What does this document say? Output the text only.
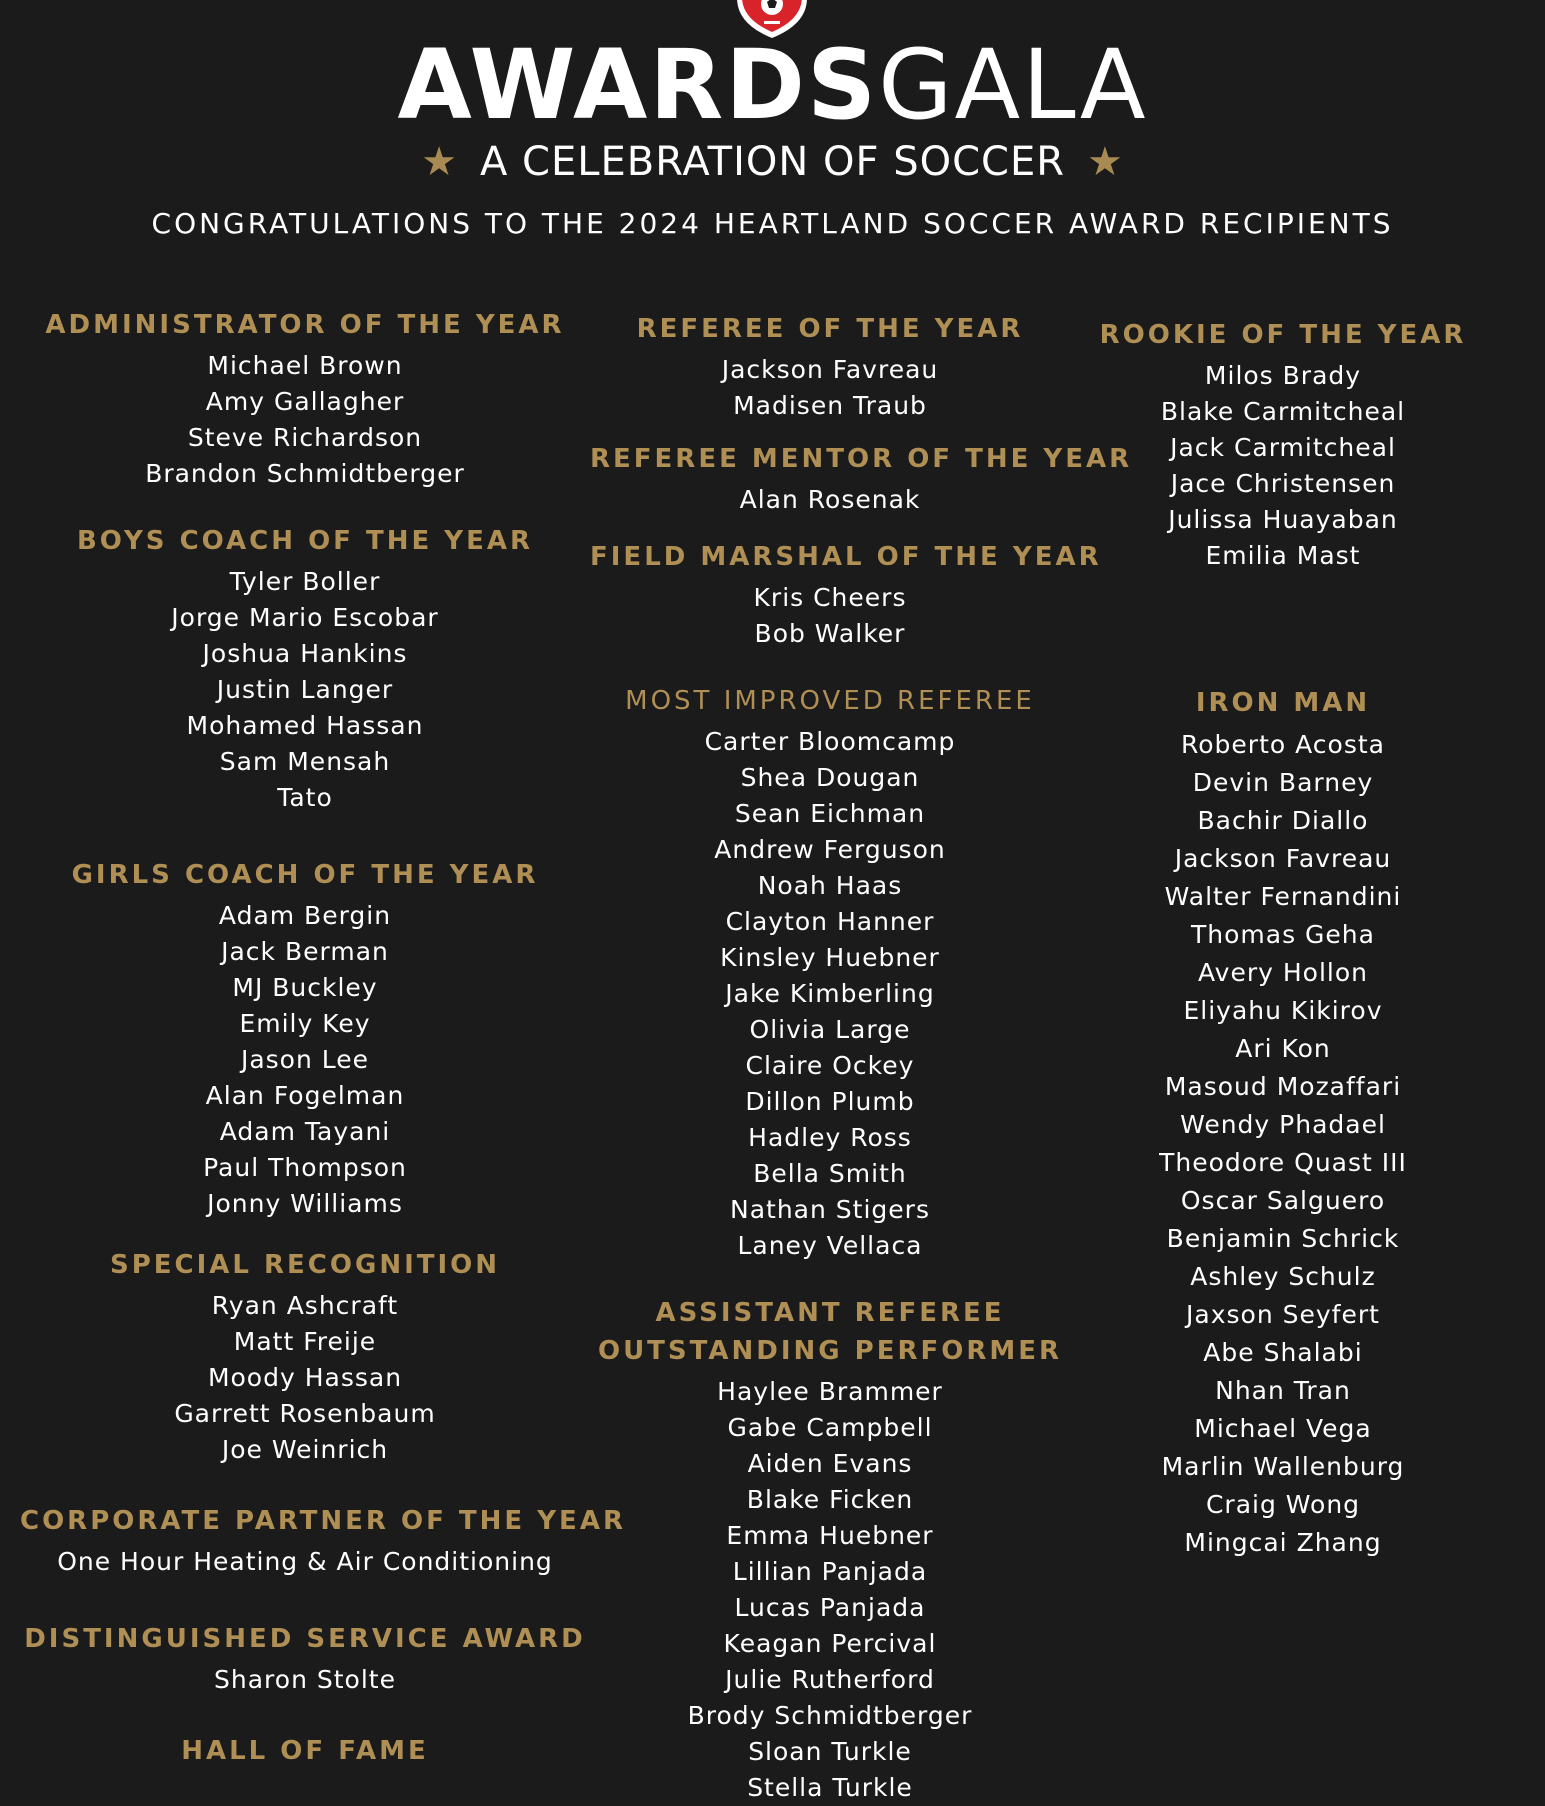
AWARDSGALA
★ A CELEBRATION OF SOCCER ★
CONGRATULATIONS TO THE 2024 HEARTLAND SOCCER AWARD RECIPIENTS
ADMINISTRATOR OF THE YEAR
Michael Brown
Amy Gallagher
Steve Richardson
Brandon Schmidtberger
BOYS COACH OF THE YEAR
Tyler Boller
Jorge Mario Escobar
Joshua Hankins
Justin Langer
Mohamed Hassan
Sam Mensah
Tato
GIRLS COACH OF THE YEAR
Adam Bergin
Jack Berman
MJ Buckley
Emily Key
Jason Lee
Alan Fogelman
Adam Tayani
Paul Thompson
Jonny Williams
SPECIAL RECOGNITION
Ryan Ashcraft
Matt Freije
Moody Hassan
Garrett Rosenbaum
Joe Weinrich
CORPORATE PARTNER OF THE YEAR
One Hour Heating & Air Conditioning
DISTINGUISHED SERVICE AWARD
Sharon Stolte
HALL OF FAME
REFEREE OF THE YEAR
Jackson Favreau
Madisen Traub
REFEREE MENTOR OF THE YEAR
Alan Rosenak
FIELD MARSHAL OF THE YEAR
Kris Cheers
Bob Walker
MOST IMPROVED REFEREE
Carter Bloomcamp
Shea Dougan
Sean Eichman
Andrew Ferguson
Noah Haas
Clayton Hanner
Kinsley Huebner
Jake Kimberling
Olivia Large
Claire Ockey
Dillon Plumb
Hadley Ross
Bella Smith
Nathan Stigers
Laney Vellaca
ASSISTANT REFEREE
OUTSTANDING PERFORMER
Haylee Brammer
Gabe Campbell
Aiden Evans
Blake Ficken
Emma Huebner
Lillian Panjada
Lucas Panjada
Keagan Percival
Julie Rutherford
Brody Schmidtberger
Sloan Turkle
Stella Turkle
ROOKIE OF THE YEAR
Milos Brady
Blake Carmitcheal
Jack Carmitcheal
Jace Christensen
Julissa Huayaban
Emilia Mast
IRON MAN
Roberto Acosta
Devin Barney
Bachir Diallo
Jackson Favreau
Walter Fernandini
Thomas Geha
Avery Hollon
Eliyahu Kikirov
Ari Kon
Masoud Mozaffari
Wendy Phadael
Theodore Quast III
Oscar Salguero
Benjamin Schrick
Ashley Schulz
Jaxson Seyfert
Abe Shalabi
Nhan Tran
Michael Vega
Marlin Wallenburg
Craig Wong
Mingcai Zhang
